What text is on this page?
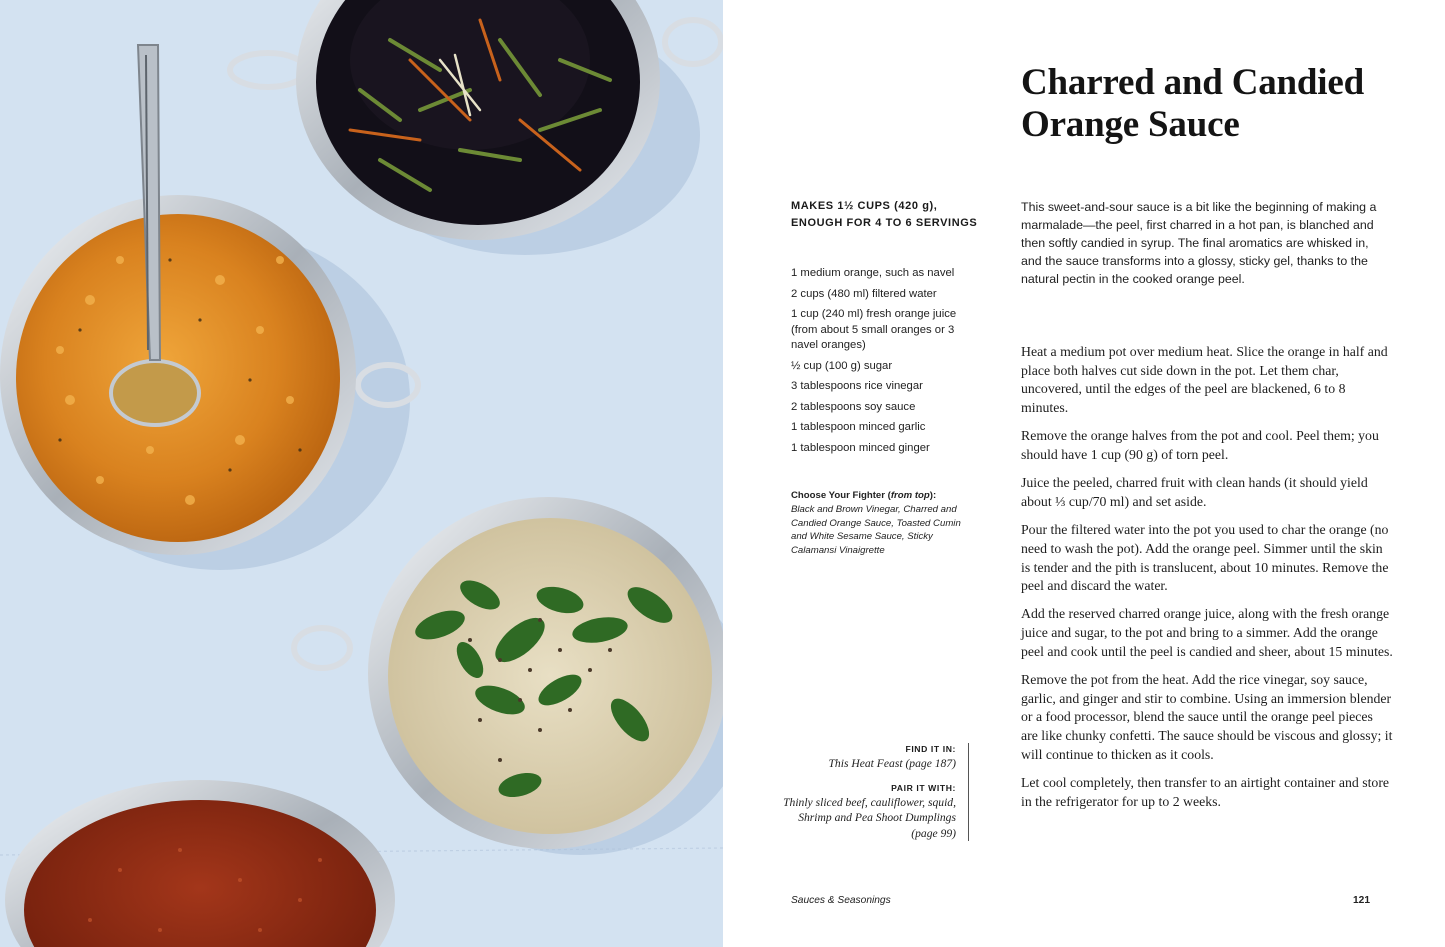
Charred and Candied
Orange Sauce
MAKES 1½ CUPS (420 g),
ENOUGH FOR 4 TO 6 SERVINGS
1 medium orange, such as navel
2 cups (480 ml) filtered water
1 cup (240 ml) fresh orange juice (from about 5 small oranges or 3 navel oranges)
½ cup (100 g) sugar
3 tablespoons rice vinegar
2 tablespoons soy sauce
1 tablespoon minced garlic
1 tablespoon minced ginger
Choose Your Fighter (from top):
Black and Brown Vinegar, Charred and Candied Orange Sauce, Toasted Cumin and White Sesame Sauce, Sticky Calamansi Vinaigrette
FIND IT IN:
This Heat Feast (page 187)
PAIR IT WITH:
Thinly sliced beef, cauliflower, squid, Shrimp and Pea Shoot Dumplings (page 99)

This sweet-and-sour sauce is a bit like the beginning of making a marmalade—the peel, first charred in a hot pan, is blanched and then softly candied in syrup. The final aromatics are whisked in, and the sauce transforms into a glossy, sticky gel, thanks to the natural pectin in the cooked orange peel.

Heat a medium pot over medium heat. Slice the orange in half and place both halves cut side down in the pot. Let them char, uncovered, until the edges of the peel are blackened, 6 to 8 minutes.

Remove the orange halves from the pot and cool. Peel them; you should have 1 cup (90 g) of torn peel.

Juice the peeled, charred fruit with clean hands (it should yield about ⅓ cup/70 ml) and set aside.

Pour the filtered water into the pot you used to char the orange (no need to wash the pot). Add the orange peel. Simmer until the skin is tender and the pith is translucent, about 10 minutes. Remove the peel and discard the water.

Add the reserved charred orange juice, along with the fresh orange juice and sugar, to the pot and bring to a simmer. Add the orange peel and cook until the peel is candied and sheer, about 15 minutes.

Remove the pot from the heat. Add the rice vinegar, soy sauce, garlic, and ginger and stir to combine. Using an immersion blender or a food processor, blend the sauce until the orange peel pieces are like chunky confetti. The sauce should be viscous and glossy; it will continue to thicken as it cools.

Let cool completely, then transfer to an airtight container and store in the refrigerator for up to 2 weeks.

Sauces & Seasonings	121
